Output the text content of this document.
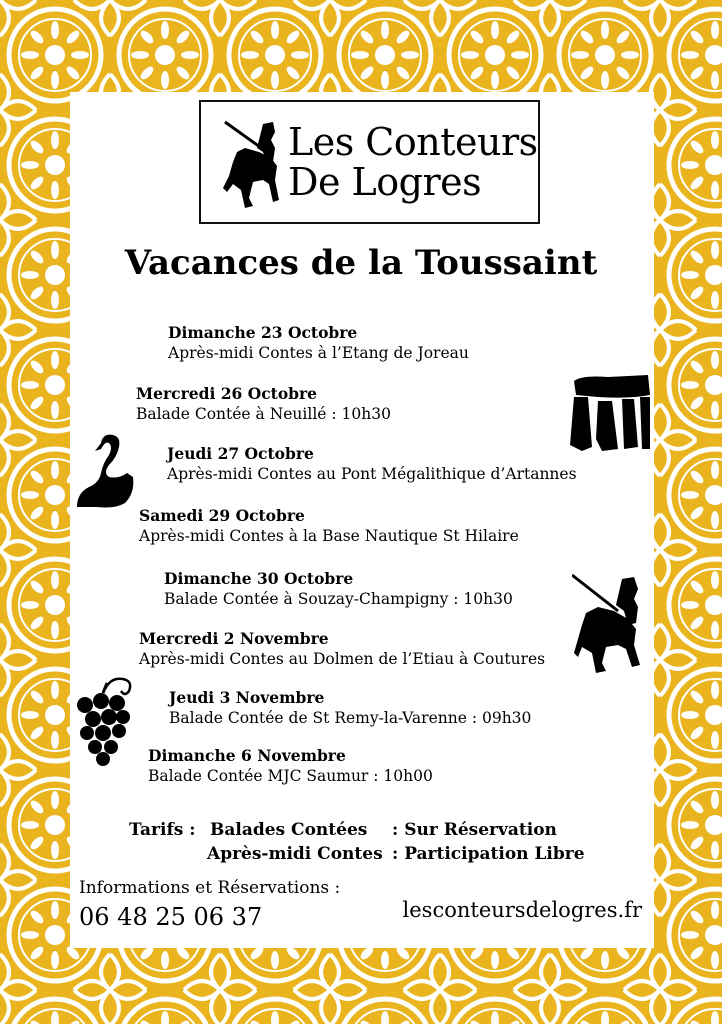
Les Conteurs
De Logres
Vacances de la Toussaint
Dimanche 23 Octobre
Après-midi Contes à l’Etang de Joreau
Mercredi 26 Octobre
Balade Contée à Neuillé : 10h30
Jeudi 27 Octobre
Après-midi Contes au Pont Mégalithique d’Artannes
Samedi 29 Octobre
Après-midi Contes à la Base Nautique St Hilaire
Dimanche 30 Octobre
Balade Contée à Souzay-Champigny : 10h30
Mercredi 2 Novembre
Après-midi Contes au Dolmen de l’Etiau à Coutures
Jeudi 3 Novembre
Balade Contée de St Remy-la-Varenne : 09h30
Dimanche 6 Novembre
Balade Contée MJC Saumur : 10h00
Tarifs : Balades Contées : Sur Réservation
Après-midi Contes : Participation Libre
Informations et Réservations :
06 48 25 06 37	lesconteursdelogres.fr
